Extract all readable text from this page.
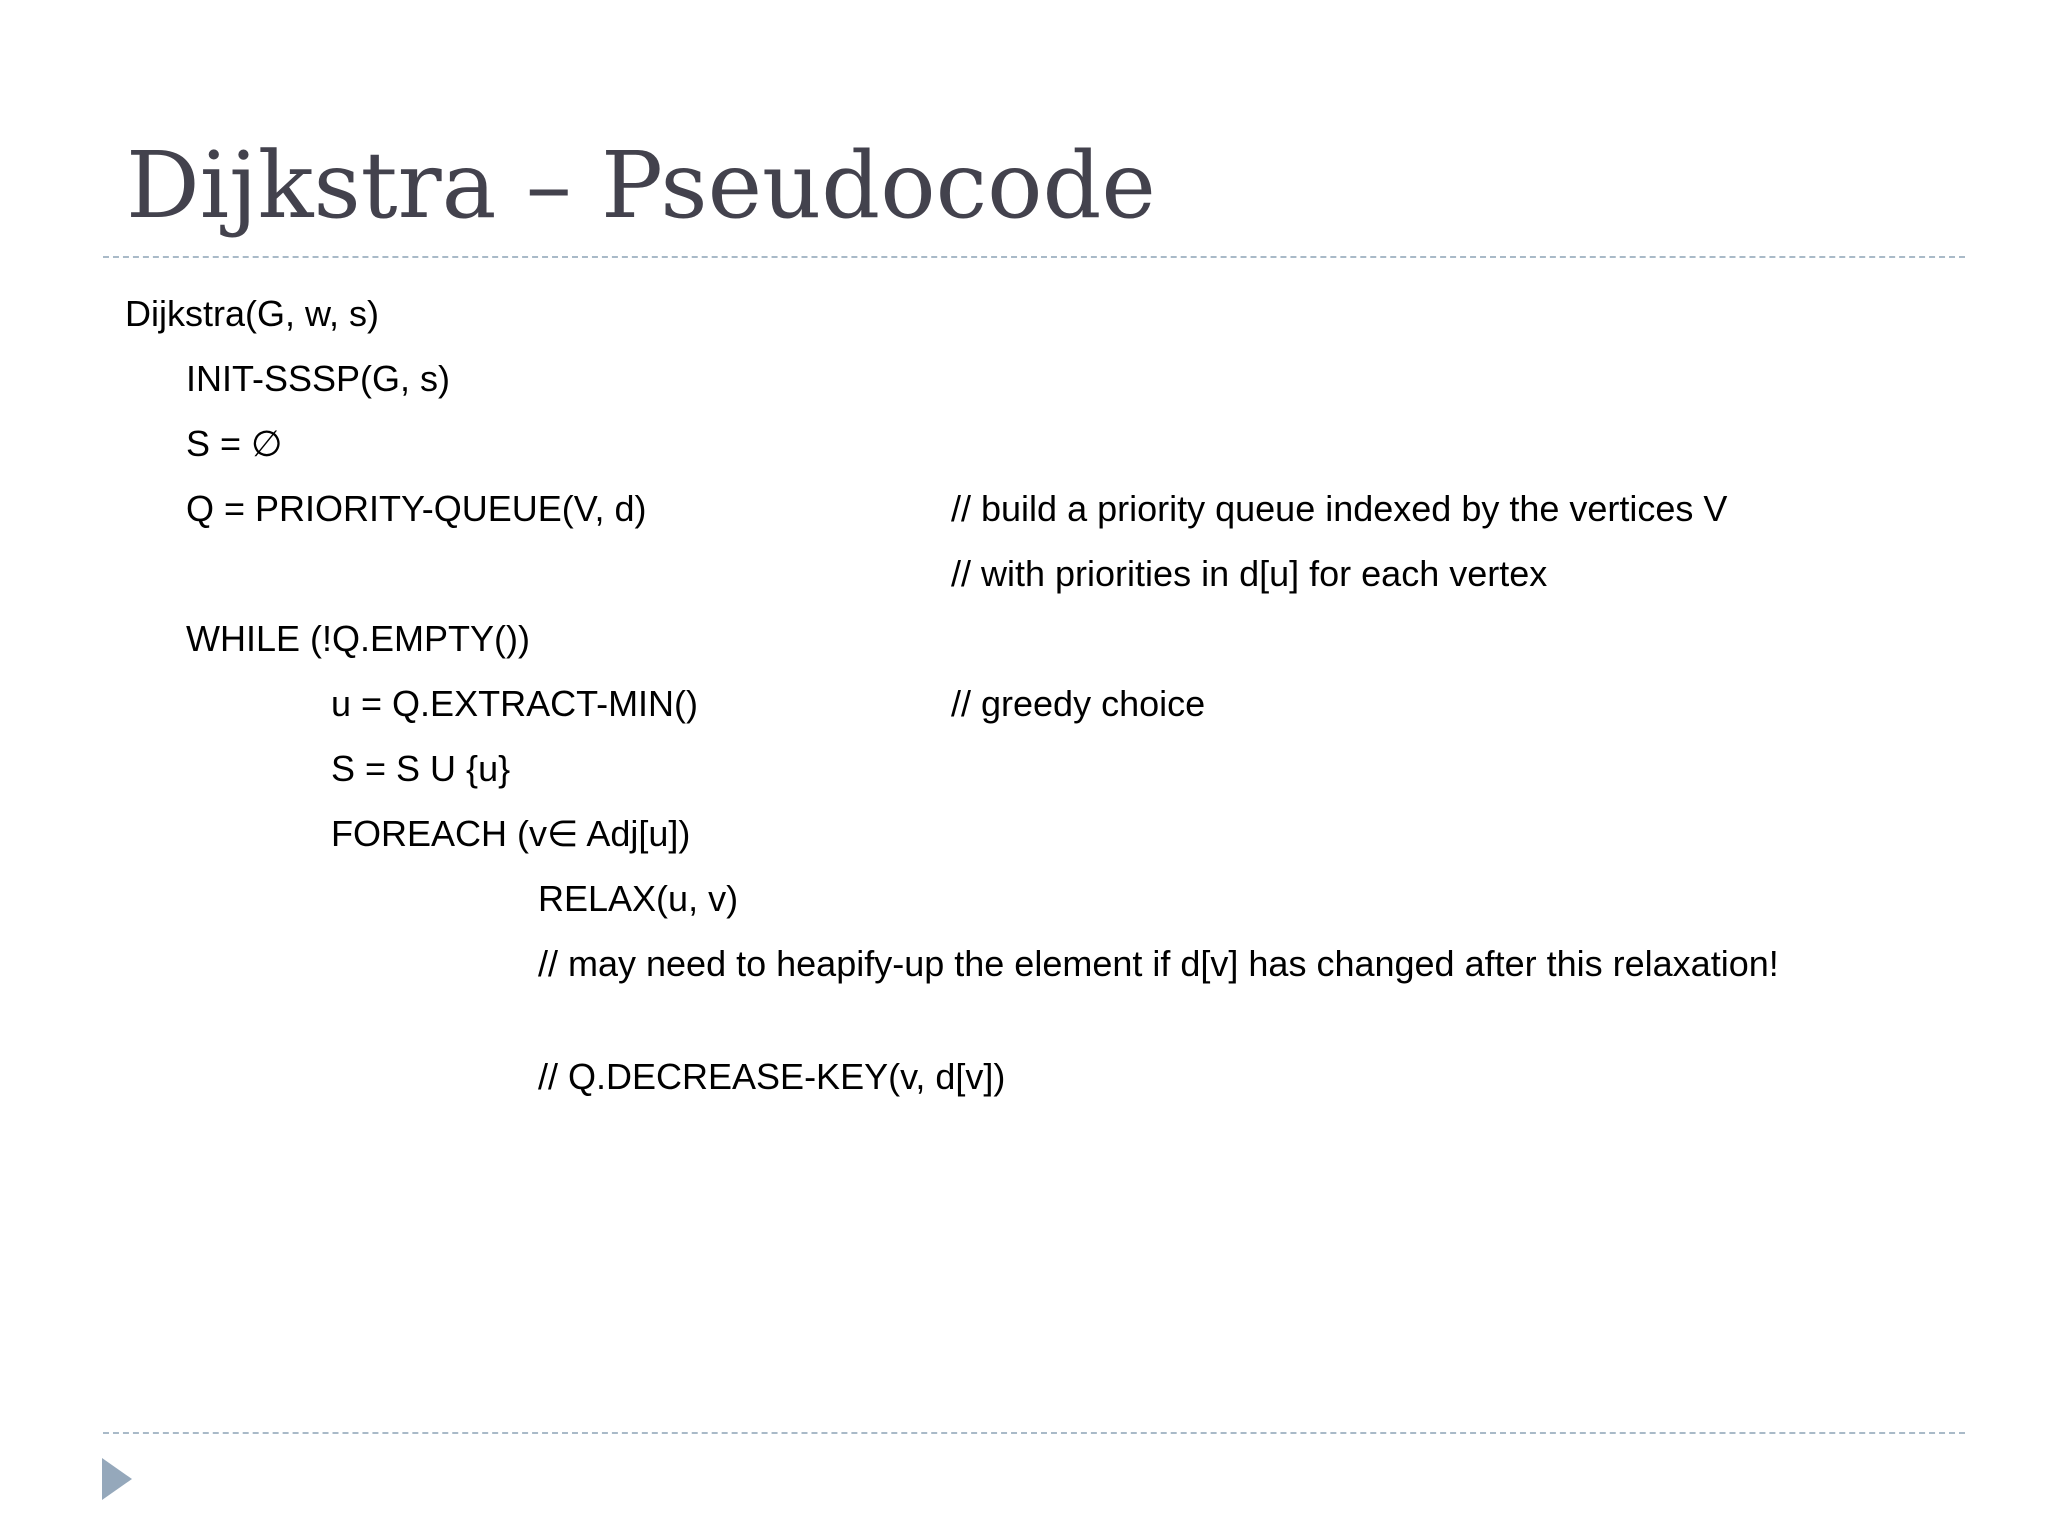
Dijkstra – Pseudocode
Dijkstra(G, w, s)
INIT-SSSP(G, s)
S = ∅
Q = PRIORITY-QUEUE(V, d)	// build a priority queue indexed by the vertices V
// with priorities in d[u] for each vertex
WHILE (!Q.EMPTY())
u = Q.EXTRACT-MIN()	// greedy choice
S = S U {u}
FOREACH (v∈ Adj[u])
RELAX(u, v)
// may need to heapify-up the element if d[v] has changed after this relaxation!
// Q.DECREASE-KEY(v, d[v])
